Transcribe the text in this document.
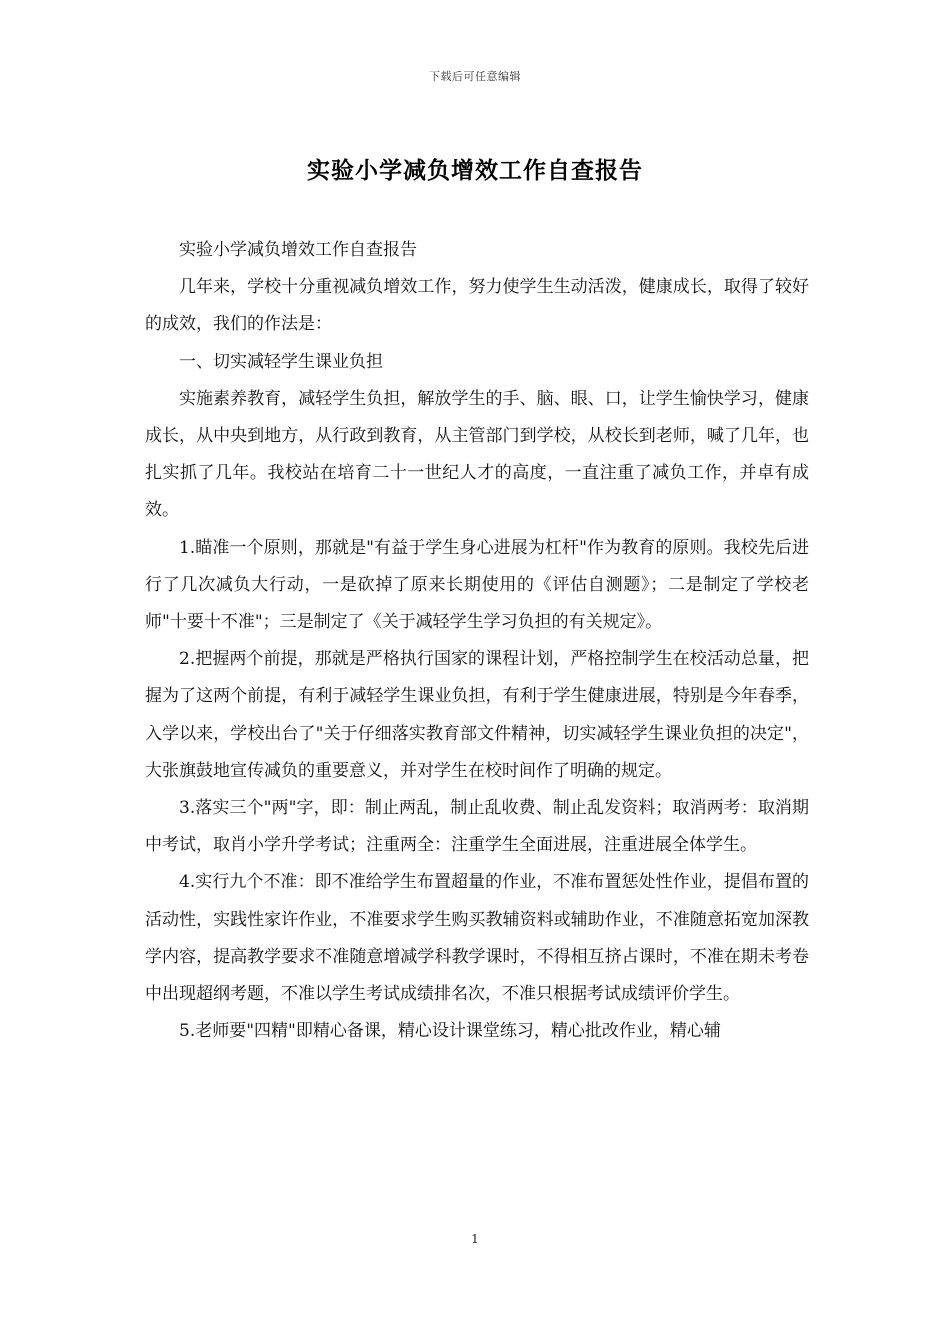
下载后可任意编辑
实验小学减负增效工作自查报告

实验小学减负增效工作自查报告

几年来，学校十分重视减负增效工作，努力使学生生动活泼，健康成长，取得了较好的成效，我们的作法是：

一、切实减轻学生课业负担

实施素养教育，减轻学生负担，解放学生的手、脑、眼、口，让学生愉快学习，健康成长，从中央到地方，从行政到教育，从主管部门到学校，从校长到老师，喊了几年，也扎实抓了几年。我校站在培育二十一世纪人才的高度，一直注重了减负工作，并卓有成效。

1.瞄准一个原则，那就是"有益于学生身心进展为杠杆"作为教育的原则。我校先后进行了几次减负大行动，一是砍掉了原来长期使用的《评估自测题》；二是制定了学校老师"十要十不准"；三是制定了《关于减轻学生学习负担的有关规定》。

2.把握两个前提，那就是严格执行国家的课程计划，严格控制学生在校活动总量，把握为了这两个前提，有利于减轻学生课业负担，有利于学生健康进展，特别是今年春季，入学以来，学校出台了"关于仔细落实教育部文件精神，切实减轻学生课业负担的决定"，大张旗鼓地宣传减负的重要意义，并对学生在校时间作了明确的规定。

3.落实三个"两"字，即：制止两乱，制止乱收费、制止乱发资料；取消两考：取消期中考试，取肖小学升学考试；注重两全：注重学生全面进展，注重进展全体学生。

4.实行九个不准：即不准给学生布置超量的作业，不准布置惩处性作业，提倡布置的活动性，实践性家许作业，不准要求学生购买教辅资料或辅助作业，不准随意拓宽加深教学内容，提高教学要求不准随意增减学科教学课时，不得相互挤占课时，不准在期未考卷中出现超纲考题，不准以学生考试成绩排名次，不准只根据考试成绩评价学生。

5.老师要"四精"即精心备课，精心设计课堂练习，精心批改作业，精心辅

1
